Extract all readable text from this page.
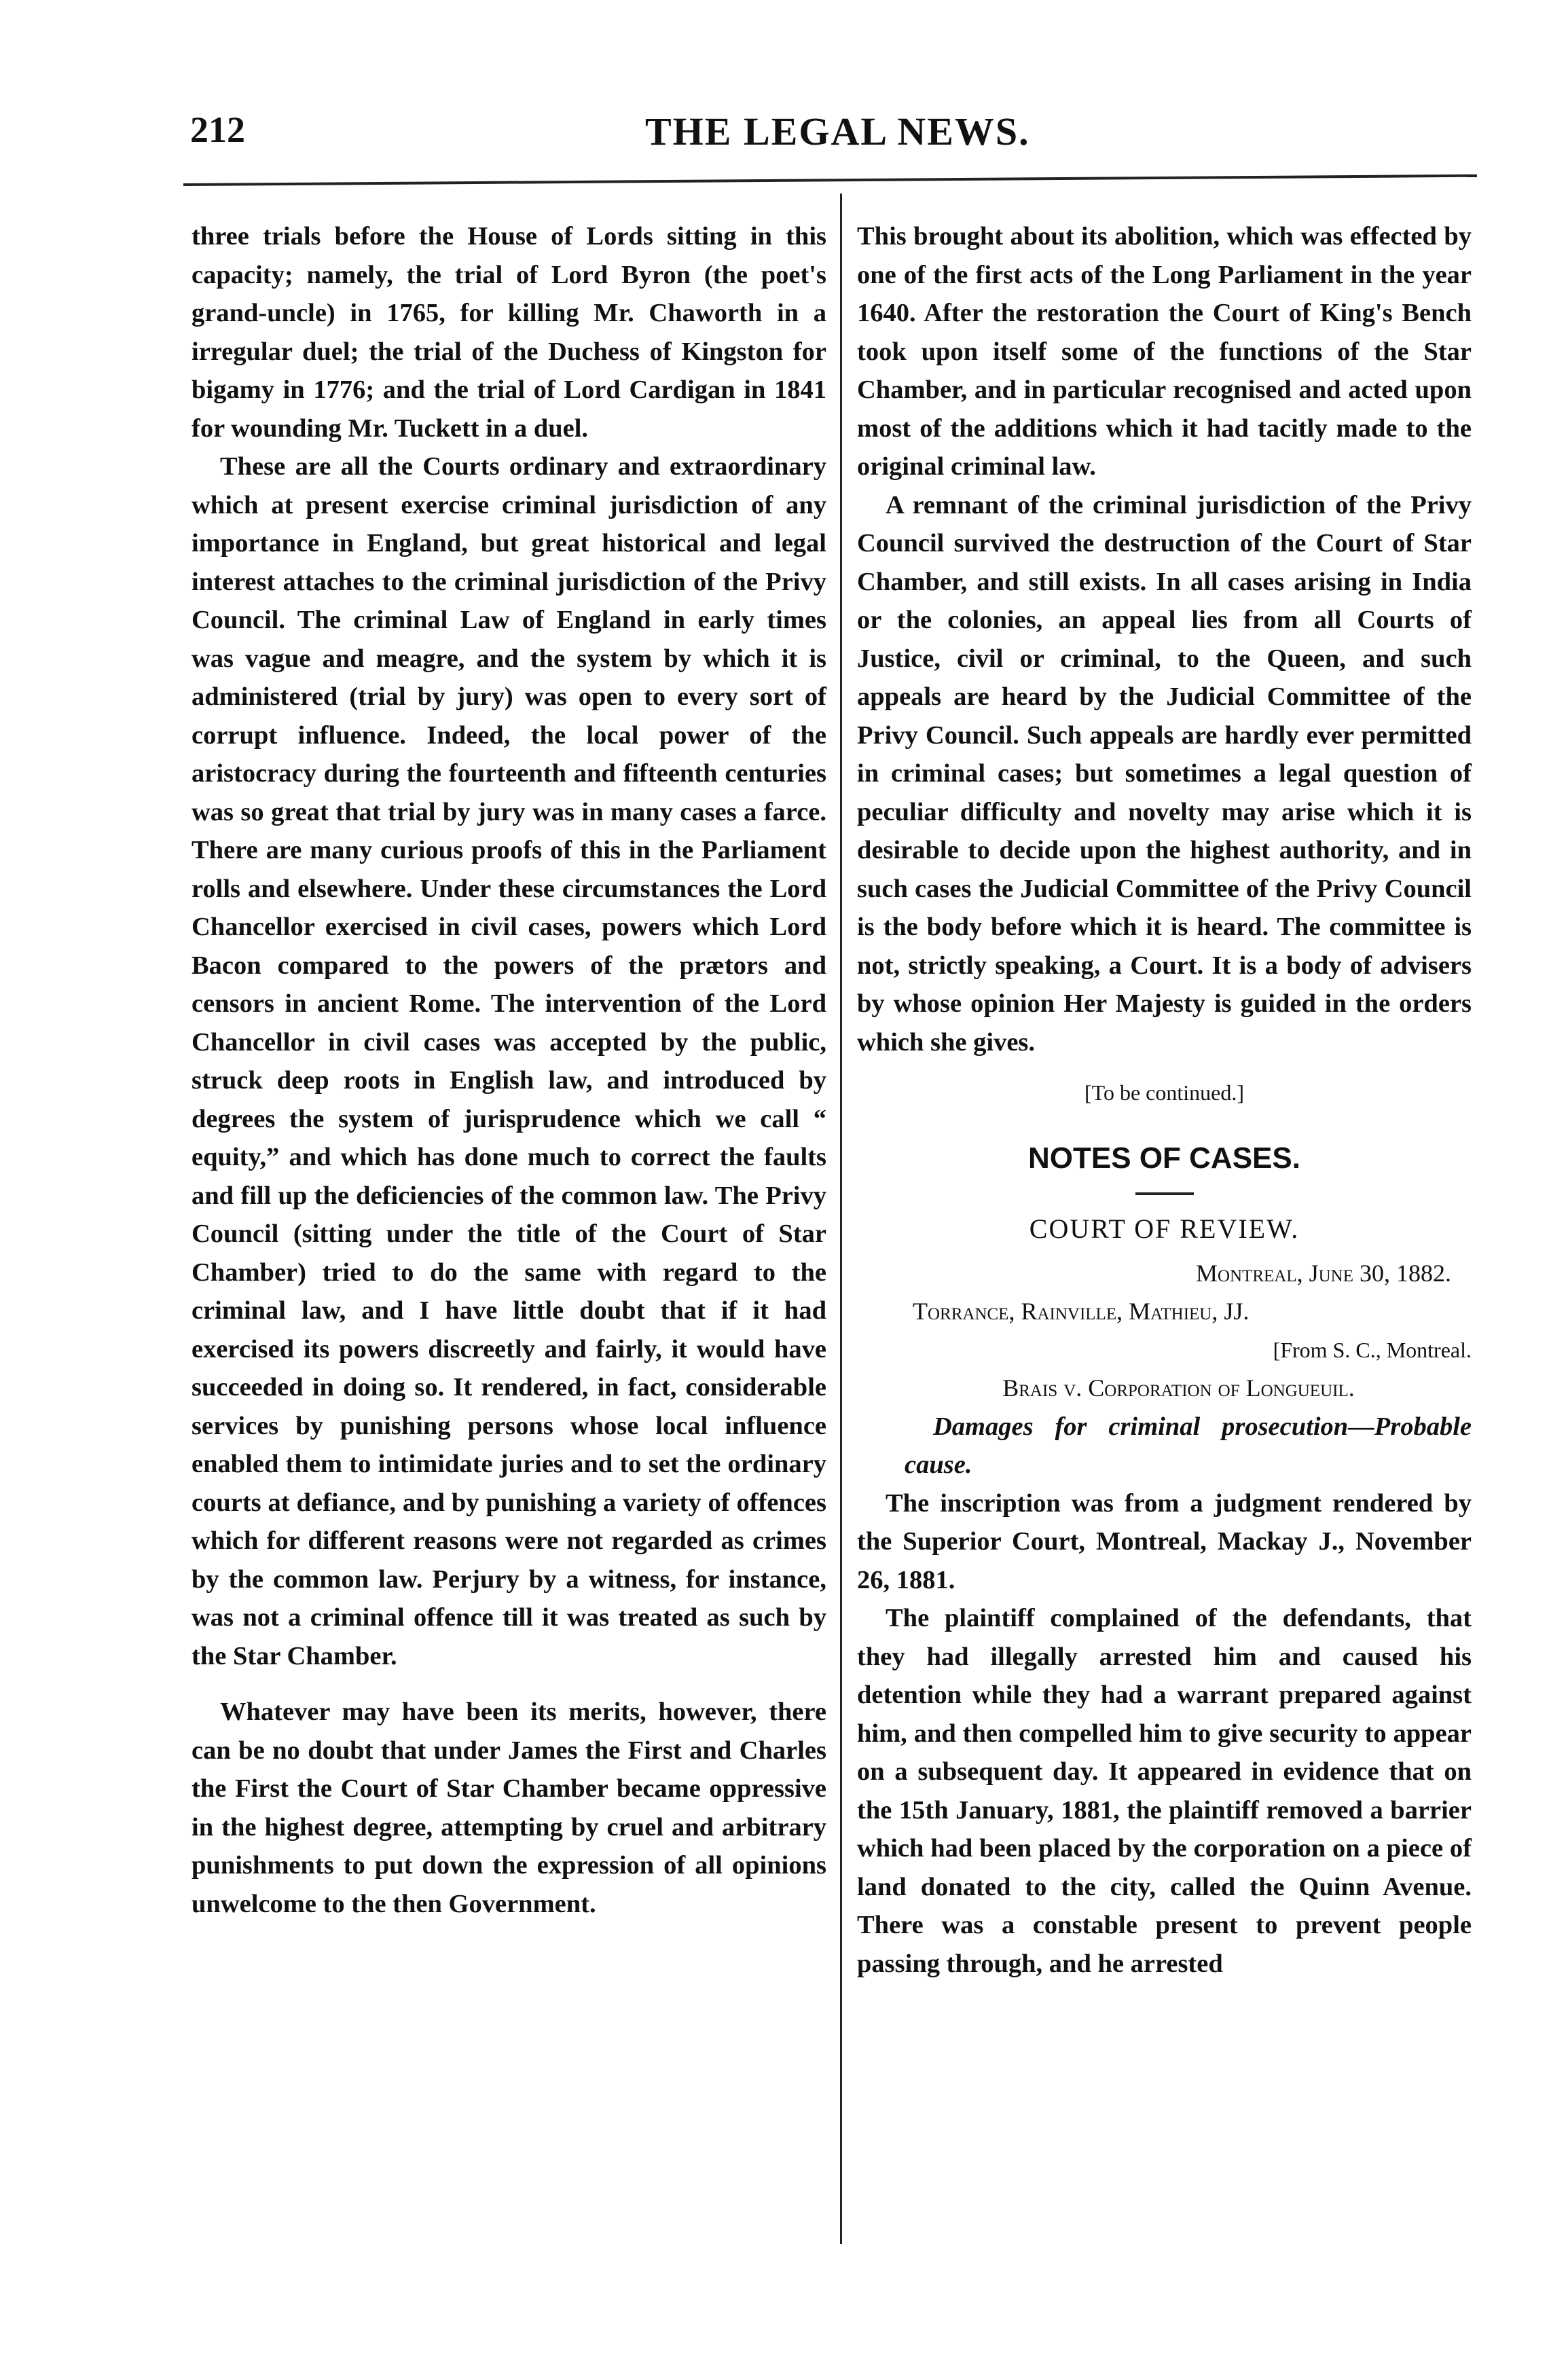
212	THE LEGAL NEWS.

three trials before the House of Lords sitting in this capacity; namely, the trial of Lord Byron (the poet's grand-uncle) in 1765, for killing Mr. Chaworth in a irregular duel; the trial of the Duchess of Kingston for bigamy in 1776; and the trial of Lord Cardigan in 1841 for wounding Mr. Tuckett in a duel.

These are all the Courts ordinary and extraordinary which at present exercise criminal jurisdiction of any importance in England, but great historical and legal interest attaches to the criminal jurisdiction of the Privy Council. The criminal Law of England in early times was vague and meagre, and the system by which it is administered (trial by jury) was open to every sort of corrupt influence. Indeed, the local power of the aristocracy during the fourteenth and fifteenth centuries was so great that trial by jury was in many cases a farce. There are many curious proofs of this in the Parliament rolls and elsewhere. Under these circumstances the Lord Chancellor exercised in civil cases, powers which Lord Bacon compared to the powers of the prætors and censors in ancient Rome. The intervention of the Lord Chancellor in civil cases was accepted by the public, struck deep roots in English law, and introduced by degrees the system of jurisprudence which we call “ equity,” and which has done much to correct the faults and fill up the deficiencies of the common law. The Privy Council (sitting under the title of the Court of Star Chamber) tried to do the same with regard to the criminal law, and I have little doubt that if it had exercised its powers discreetly and fairly, it would have succeeded in doing so. It rendered, in fact, considerable services by punishing persons whose local influence enabled them to intimidate juries and to set the ordinary courts at defiance, and by punishing a variety of offences which for different reasons were not regarded as crimes by the common law. Perjury by a witness, for instance, was not a criminal offence till it was treated as such by the Star Chamber.

Whatever may have been its merits, however, there can be no doubt that under James the First and Charles the First the Court of Star Chamber became oppressive in the highest degree, attempting by cruel and arbitrary punishments to put down the expression of all opinions unwelcome to the then Government.

This brought about its abolition, which was effected by one of the first acts of the Long Parliament in the year 1640. After the restoration the Court of King's Bench took upon itself some of the functions of the Star Chamber, and in particular recognised and acted upon most of the additions which it had tacitly made to the original criminal law.

A remnant of the criminal jurisdiction of the Privy Council survived the destruction of the Court of Star Chamber, and still exists. In all cases arising in India or the colonies, an appeal lies from all Courts of Justice, civil or criminal, to the Queen, and such appeals are heard by the Judicial Committee of the Privy Council. Such appeals are hardly ever permitted in criminal cases; but sometimes a legal question of peculiar difficulty and novelty may arise which it is desirable to decide upon the highest authority, and in such cases the Judicial Committee of the Privy Council is the body before which it is heard. The committee is not, strictly speaking, a Court. It is a body of advisers by whose opinion Her Majesty is guided in the orders which she gives.

[To be continued.]
NOTES OF CASES.
COURT OF REVIEW.

Montreal, June 30, 1882.

Torrance, Rainville, Mathieu, JJ.

[From S. C., Montreal.

Brais v. Corporation of Longueuil.

Damages for criminal prosecution—Probable cause.

The inscription was from a judgment rendered by the Superior Court, Montreal, Mackay J., November 26, 1881.

The plaintiff complained of the defendants, that they had illegally arrested him and caused his detention while they had a warrant prepared against him, and then compelled him to give security to appear on a subsequent day. It appeared in evidence that on the 15th January, 1881, the plaintiff removed a barrier which had been placed by the corporation on a piece of land donated to the city, called the Quinn Avenue. There was a constable present to prevent people passing through, and he arrested
